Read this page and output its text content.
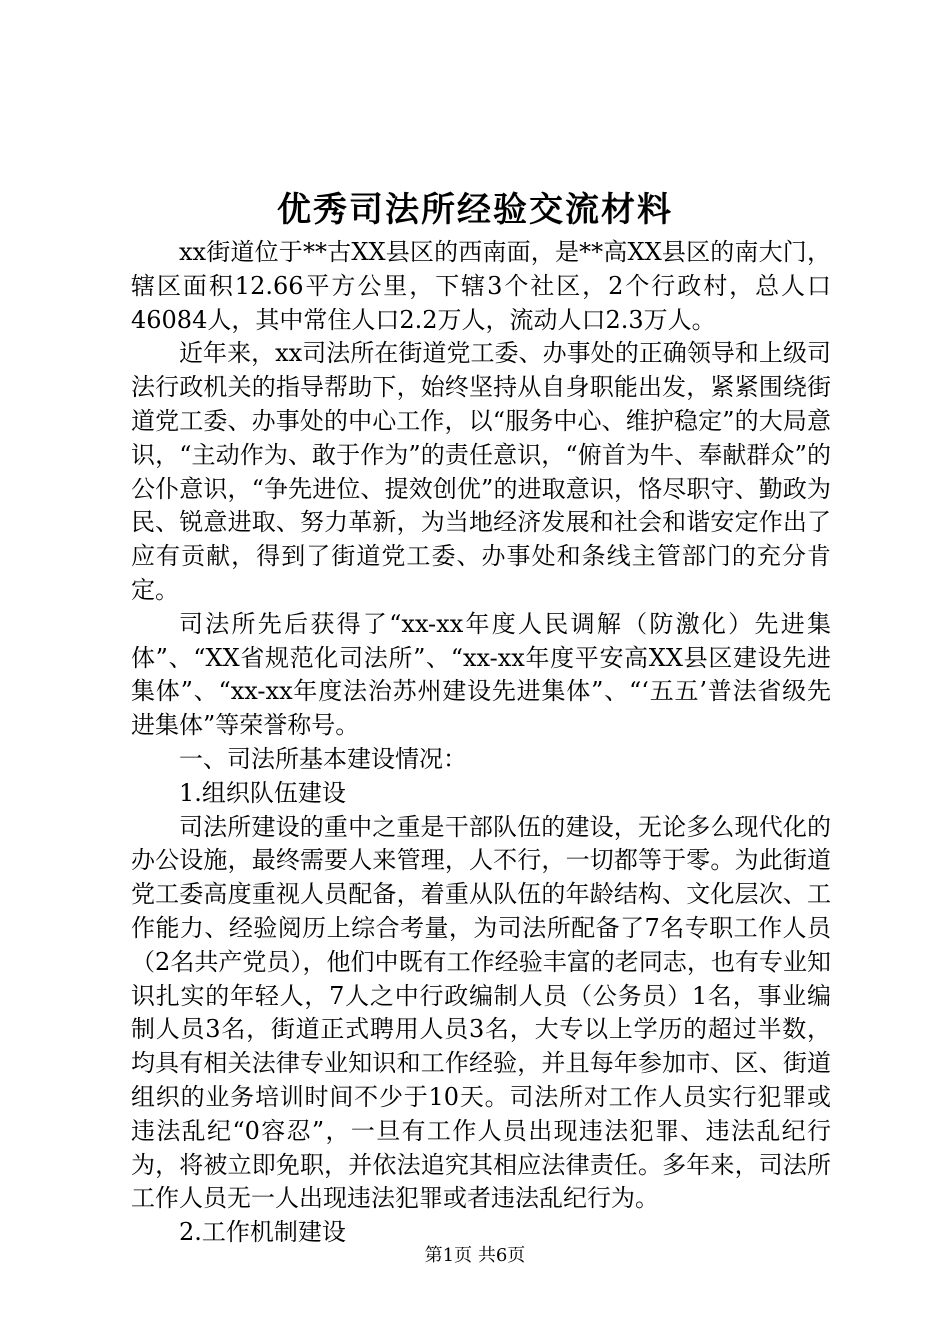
优秀司法所经验交流材料

xx街道位于**古XX县区的西南面，是**高XX县区的南大门，辖区面积12.66平方公里，下辖3个社区，2个行政村，总人口46084人，其中常住人口2.2万人，流动人口2.3万人。

近年来，xx司法所在街道党工委、办事处的正确领导和上级司法行政机关的指导帮助下，始终坚持从自身职能出发，紧紧围绕街道党工委、办事处的中心工作，以“服务中心、维护稳定”的大局意识，“主动作为、敢于作为”的责任意识，“俯首为牛、奉献群众”的公仆意识，“争先进位、提效创优”的进取意识，恪尽职守、勤政为民、锐意进取、努力革新，为当地经济发展和社会和谐安定作出了应有贡献，得到了街道党工委、办事处和条线主管部门的充分肯定。

司法所先后获得了“xx-xx年度人民调解（防激化）先进集体”、“XX省规范化司法所”、“xx-xx年度平安高XX县区建设先进集体”、“xx-xx年度法治苏州建设先进集体”、“‘五五’普法省级先进集体”等荣誉称号。

一、司法所基本建设情况：

1.组织队伍建设

司法所建设的重中之重是干部队伍的建设，无论多么现代化的办公设施，最终需要人来管理，人不行，一切都等于零。为此街道党工委高度重视人员配备，着重从队伍的年龄结构、文化层次、工作能力、经验阅历上综合考量，为司法所配备了7名专职工作人员（2名共产党员），他们中既有工作经验丰富的老同志，也有专业知识扎实的年轻人，7人之中行政编制人员（公务员）1名，事业编制人员3名，街道正式聘用人员3名，大专以上学历的超过半数，均具有相关法律专业知识和工作经验，并且每年参加市、区、街道组织的业务培训时间不少于10天。司法所对工作人员实行犯罪或违法乱纪“0容忍”，一旦有工作人员出现违法犯罪、违法乱纪行为，将被立即免职，并依法追究其相应法律责任。多年来，司法所工作人员无一人出现违法犯罪或者违法乱纪行为。

2.工作机制建设

第1页 共6页
